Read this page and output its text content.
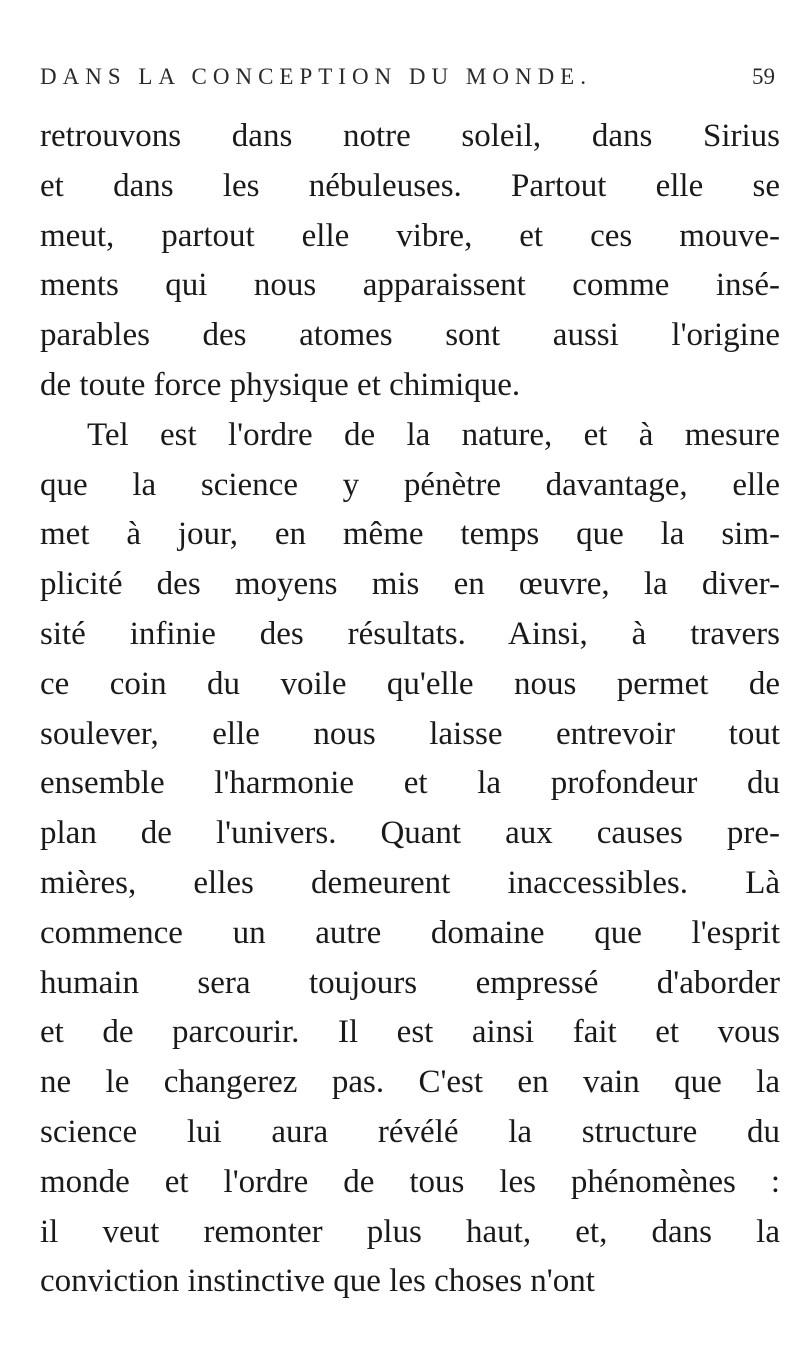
DANS LA CONCEPTION DU MONDE.	59
retrouvons dans notre soleil, dans Sirius
et dans les nébuleuses. Partout elle se
meut, partout elle vibre, et ces mouve-
ments qui nous apparaissent comme insé-
parables des atomes sont aussi l'origine
de toute force physique et chimique.
Tel est l'ordre de la nature, et à mesure
que la science y pénètre davantage, elle
met à jour, en même temps que la sim-
plicité des moyens mis en œuvre, la diver-
sité infinie des résultats. Ainsi, à travers
ce coin du voile qu'elle nous permet de
soulever, elle nous laisse entrevoir tout
ensemble l'harmonie et la profondeur du
plan de l'univers. Quant aux causes pre-
mières, elles demeurent inaccessibles. Là
commence un autre domaine que l'esprit
humain sera toujours empressé d'aborder
et de parcourir. Il est ainsi fait et vous
ne le changerez pas. C'est en vain que la
science lui aura révélé la structure du
monde et l'ordre de tous les phénomènes :
il veut remonter plus haut, et, dans la
conviction instinctive que les choses n'ont
